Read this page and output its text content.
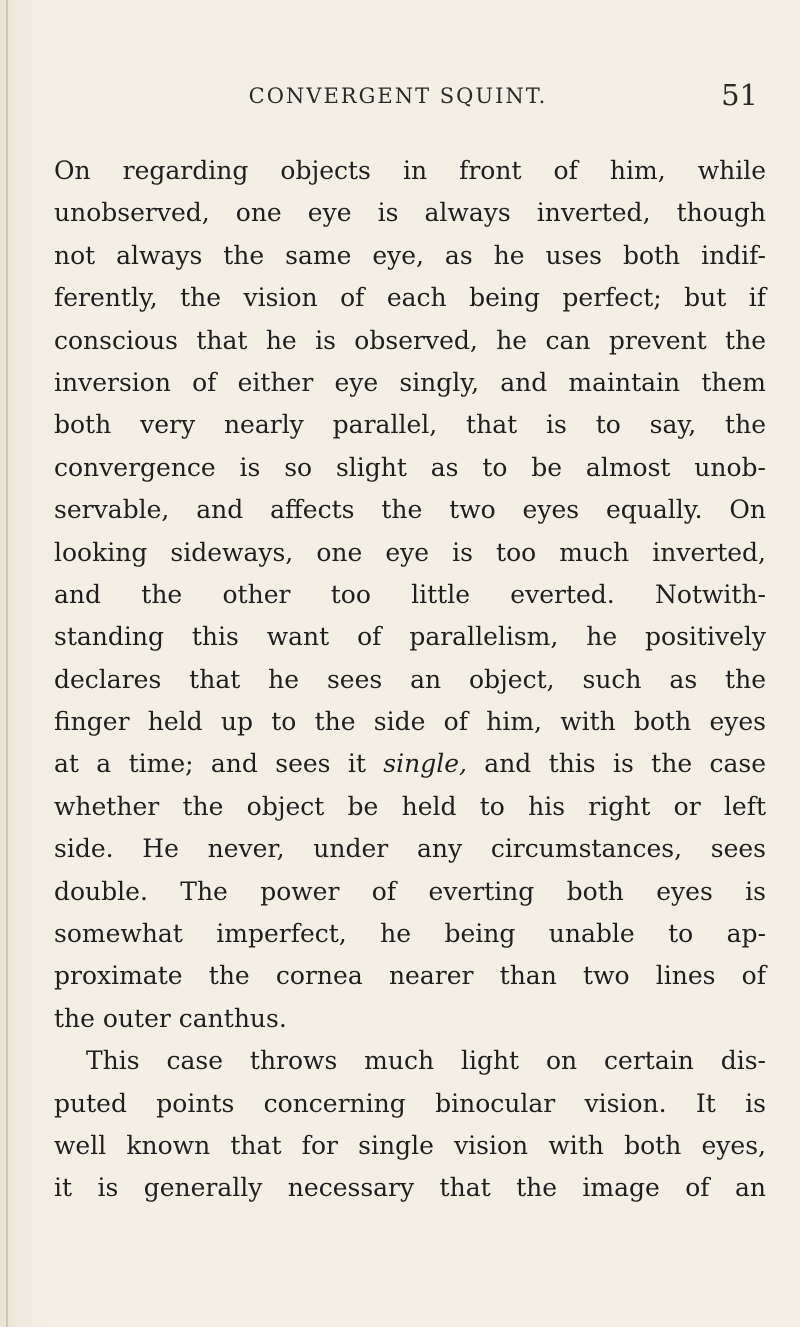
CONVERGENT SQUINT.	51
On regarding objects in front of him, while
unobserved, one eye is always inverted, though
not always the same eye, as he uses both indif-
ferently, the vision of each being perfect; but if
conscious that he is observed, he can prevent the
inversion of either eye singly, and maintain them
both very nearly parallel, that is to say, the
convergence is so slight as to be almost unob-
servable, and affects the two eyes equally. On
looking sideways, one eye is too much inverted,
and the other too little everted. Notwith-
standing this want of parallelism, he positively
declares that he sees an object, such as the
finger held up to the side of him, with both eyes
at a time; and sees it single, and this is the case
whether the object be held to his right or left
side. He never, under any circumstances, sees
double. The power of everting both eyes is
somewhat imperfect, he being unable to ap-
proximate the cornea nearer than two lines of
the outer canthus.
This case throws much light on certain dis-
puted points concerning binocular vision. It is
well known that for single vision with both eyes,
it is generally necessary that the image of an
